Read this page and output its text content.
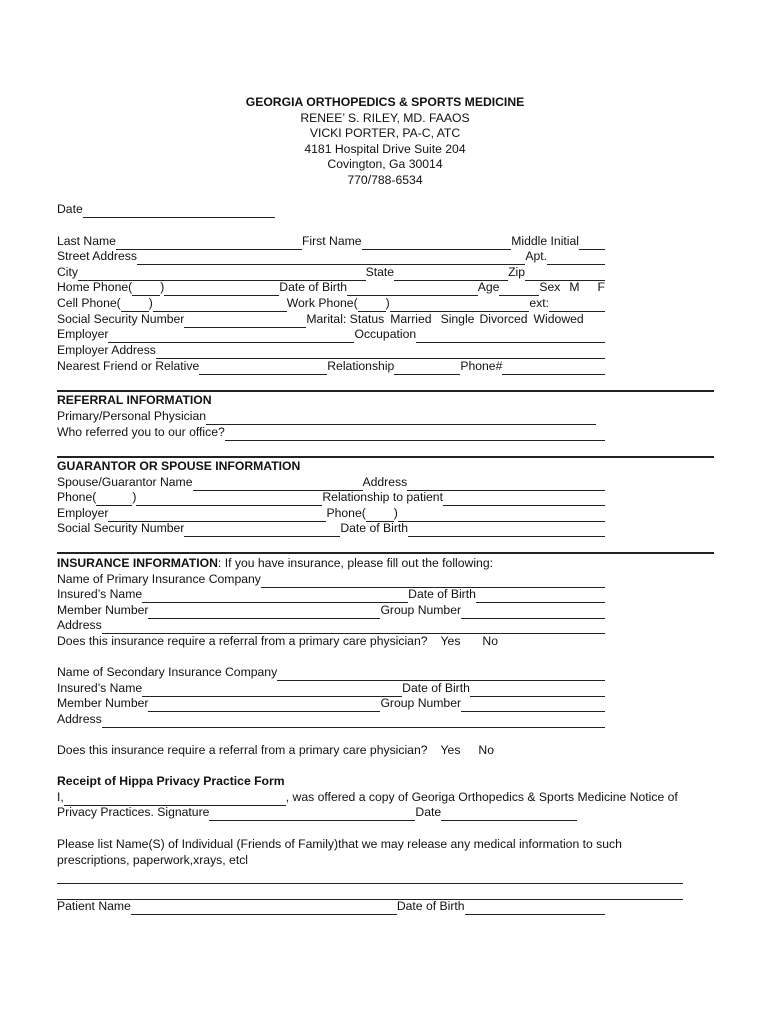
GEORGIA ORTHOPEDICS & SPORTS MEDICINE
RENEE’ S. RILEY, MD. FAAOS
VICKI PORTER, PA-C, ATC
4181 Hospital Drive Suite 204
Covington, Ga 30014
770/788-6534
Date
Last Name	First Name	Middle Initial
Street Address	Apt.
City	State	Zip
Home Phone( )	Date of Birth	Age	Sex M F
Cell Phone( )	Work Phone( )	ext:
Social Security Number	Marital: Status Married Single Divorced Widowed
Employer	Occupation
Employer Address
Nearest Friend or Relative	Relationship	Phone#
REFERRAL INFORMATION
Primary/Personal Physician
Who referred you to our office?
GUARANTOR OR SPOUSE INFORMATION
Spouse/Guarantor Name	Address
Phone(	)	Relationship to patient
Employer	Phone( )
Social Security Number	Date of Birth
INSURANCE INFORMATION : If you have insurance, please fill out the following:
Name of Primary Insurance Company
Insured’s Name	Date of Birth
Member Number	Group Number
Address
Does this insurance require a referral from a primary care physician? Yes No
Name of Secondary Insurance Company
Insured’s Name	Date of Birth
Member Number	Group Number
Address
Does this insurance require a referral from a primary care physician? Yes No
Receipt of Hippa Privacy Practice Form
I,	, was offered a copy of Georiga Orthopedics & Sports Medicine Notice of
Privacy Practices. Signature	Date
Please list Name(S) of Individual (Friends of Family)that we may release any medical information to such
prescriptions, paperwork,xrays, etcl
Patient Name	Date of Birth
